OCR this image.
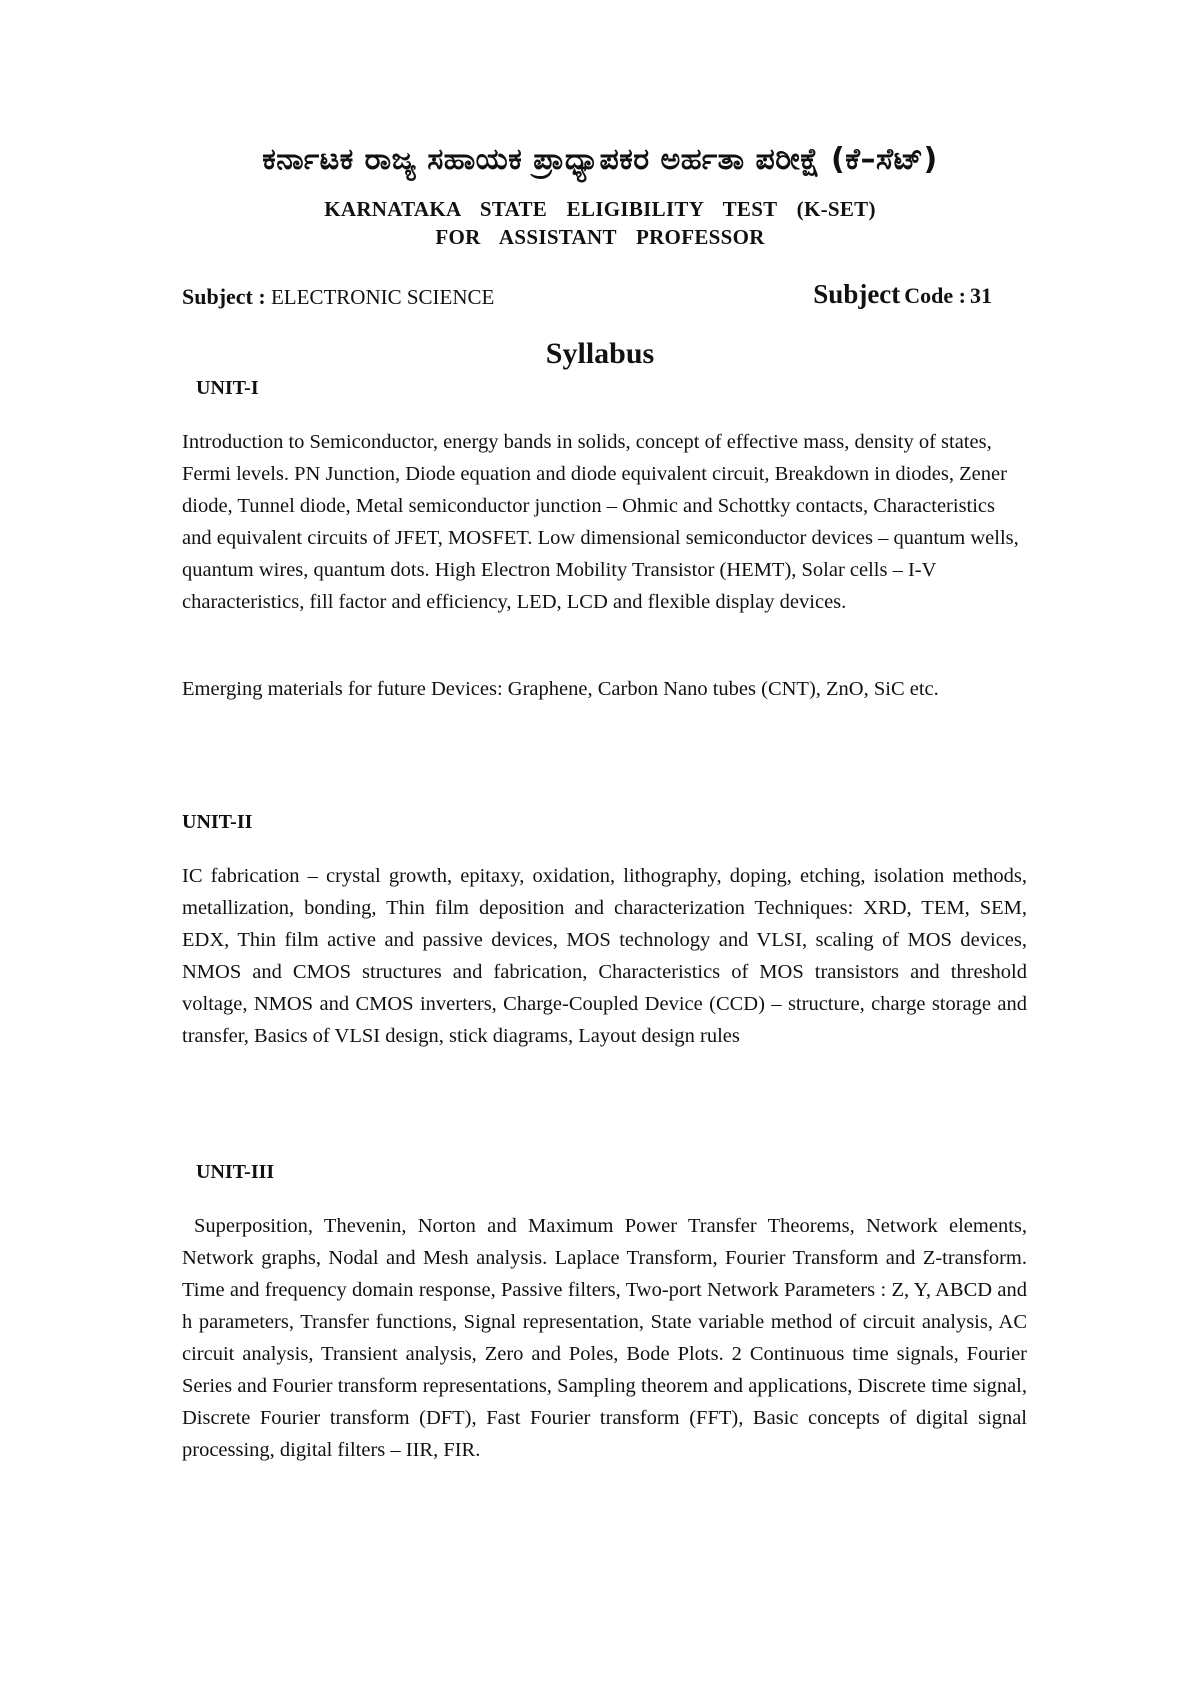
ಕರ್ನಾಟಕ ರಾಜ್ಯ ಸಹಾಯಕ ಪ್ರಾಧ್ಯಾಪಕರ ಅರ್ಹತಾ ಪರೀಕ್ಷೆ (ಕೆ–ಸೆಟ್)
KARNATAKA STATE ELIGIBILITY TEST (K-SET)
FOR ASSISTANT PROFESSOR
Subject : ELECTRONIC SCIENCE	Subject Code : 31
Syllabus
UNIT-I

Introduction to Semiconductor, energy bands in solids, concept of effective mass, density of states, Fermi levels. PN Junction, Diode equation and diode equivalent circuit, Breakdown in diodes, Zener diode, Tunnel diode, Metal semiconductor junction – Ohmic and Schottky contacts, Characteristics and equivalent circuits of JFET, MOSFET. Low dimensional semiconductor devices – quantum wells, quantum wires, quantum dots. High Electron Mobility Transistor (HEMT), Solar cells – I-V characteristics, fill factor and efficiency, LED, LCD and flexible display devices.

Emerging materials for future Devices: Graphene, Carbon Nano tubes (CNT), ZnO, SiC etc.

UNIT-II

IC fabrication – crystal growth, epitaxy, oxidation, lithography, doping, etching, isolation methods, metallization, bonding, Thin film deposition and characterization Techniques: XRD, TEM, SEM, EDX, Thin film active and passive devices, MOS technology and VLSI, scaling of MOS devices, NMOS and CMOS structures and fabrication, Characteristics of MOS transistors and threshold voltage, NMOS and CMOS inverters, Charge-Coupled Device (CCD) – structure, charge storage and transfer, Basics of VLSI design, stick diagrams, Layout design rules

UNIT-III

Superposition, Thevenin, Norton and Maximum Power Transfer Theorems, Network elements, Network graphs, Nodal and Mesh analysis. Laplace Transform, Fourier Transform and Z-transform. Time and frequency domain response, Passive filters, Two-port Network Parameters : Z, Y, ABCD and h parameters, Transfer functions, Signal representation, State variable method of circuit analysis, AC circuit analysis, Transient analysis, Zero and Poles, Bode Plots. 2 Continuous time signals, Fourier Series and Fourier transform representations, Sampling theorem and applications, Discrete time signal, Discrete Fourier transform (DFT), Fast Fourier transform (FFT), Basic concepts of digital signal processing, digital filters – IIR, FIR.
